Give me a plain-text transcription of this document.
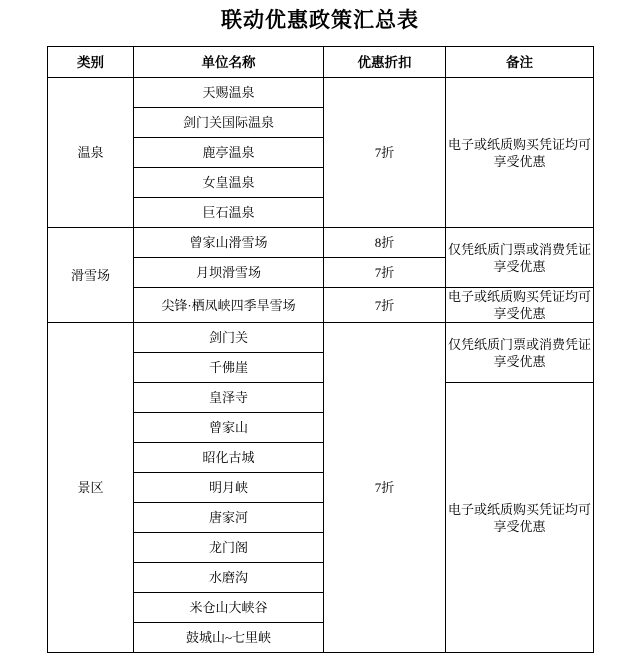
联动优惠政策汇总表
类别	单位名称	优惠折扣	备注
温泉	天赐温泉	7折	电子或纸质购买凭证均可享受优惠
	剑门关国际温泉		
	鹿亭温泉		
	女皇温泉		
	巨石温泉		
滑雪场	曾家山滑雪场	8折	仅凭纸质门票或消费凭证享受优惠
	月坝滑雪场	7折	
	尖锋·栖凤峡四季旱雪场	7折	电子或纸质购买凭证均可享受优惠
景区	剑门关	7折	仅凭纸质门票或消费凭证享受优惠
	千佛崖		
	皇泽寺		电子或纸质购买凭证均可享受优惠
	曾家山		
	昭化古城		
	明月峡		
	唐家河		
	龙门阁		
	水磨沟		
	米仓山大峡谷		
	鼓城山~七里峡		
